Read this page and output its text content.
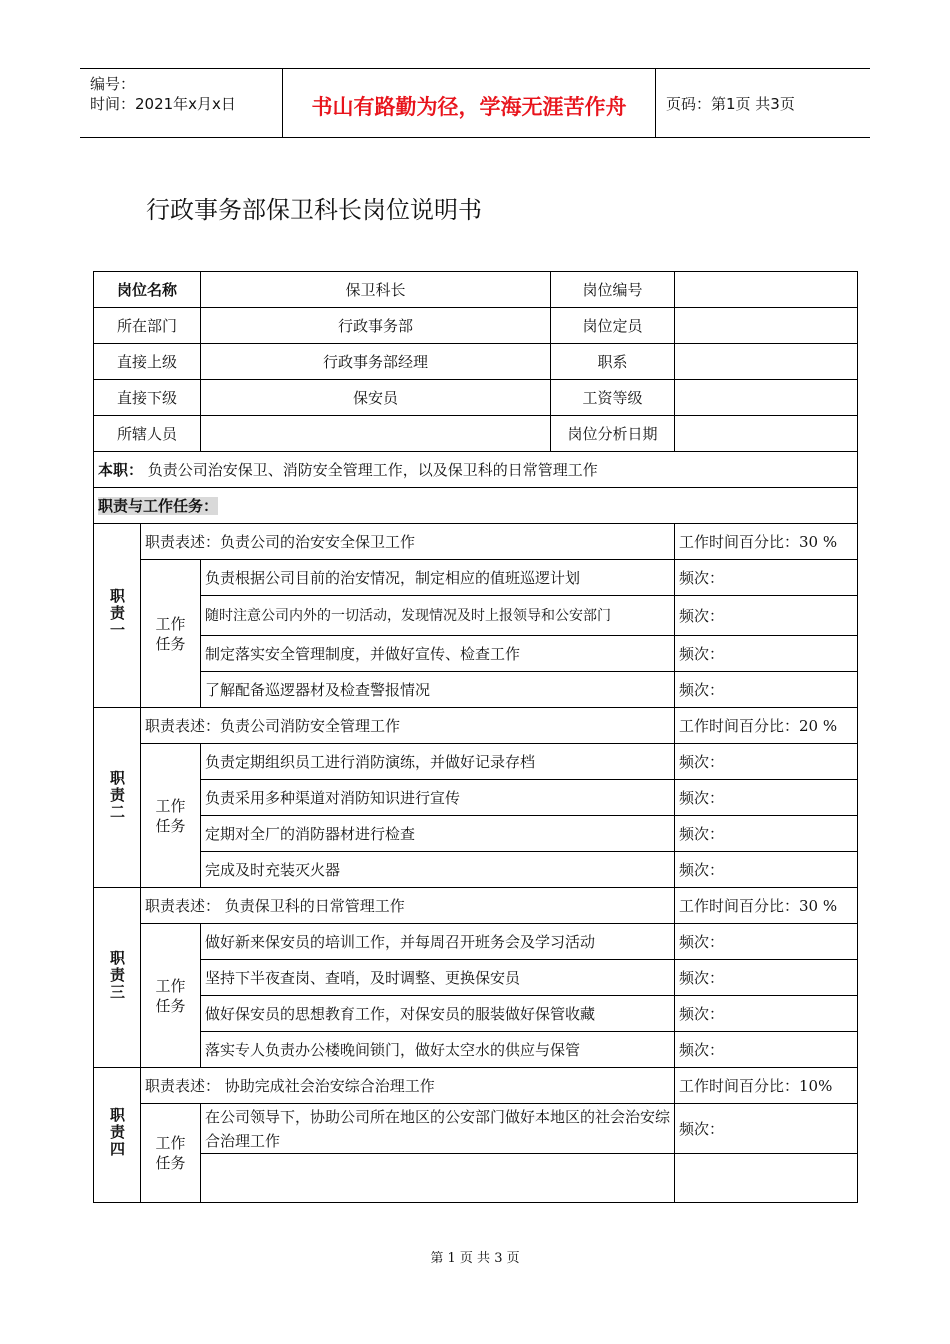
编号：
时间：2021年x月x日	书山有路勤为径，学海无涯苦作舟	页码：第1页 共3页
行政事务部保卫科长岗位说明书
岗位名称		保卫科长	岗位编号	
所在部门		行政事务部	岗位定员	
直接上级		行政事务部经理	职系	
直接下级		保安员	工资等级	
所辖人员			岗位分析日期	
本职： 负责公司治安保卫、消防安全管理工作，以及保卫科的日常管理工作				
职责与工作任务：				
职责一	职责表述：负责公司的治安安全保卫工作			工作时间百分比：30 %
	工作任务	负责根据公司目前的治安情况，制定相应的值班巡逻计划		频次：
		随时注意公司内外的一切活动，发现情况及时上报领导和公安部门		频次：
		制定落实安全管理制度，并做好宣传、检查工作		频次：
		了解配备巡逻器材及检查警报情况		频次：
职责二	职责表述：负责公司消防安全管理工作			工作时间百分比：20 %
	工作任务	负责定期组织员工进行消防演练，并做好记录存档		频次：
		负责采用多种渠道对消防知识进行宣传		频次：
		定期对全厂的消防器材进行检查		频次：
		完成及时充装灭火器		频次：
职责三	职责表述： 负责保卫科的日常管理工作			工作时间百分比：30 %
	工作任务	做好新来保安员的培训工作，并每周召开班务会及学习活动		频次：
		坚持下半夜查岗、查哨，及时调整、更换保安员		频次：
		做好保安员的思想教育工作，对保安员的服装做好保管收藏		频次：
		落实专人负责办公楼晚间锁门，做好太空水的供应与保管		频次：
职责四	职责表述： 协助完成社会治安综合治理工作			工作时间百分比：10%
	工作任务	在公司领导下，协助公司所在地区的公安部门做好本地区的社会治安综合治理工作		频次：

第 1 页 共 3 页
